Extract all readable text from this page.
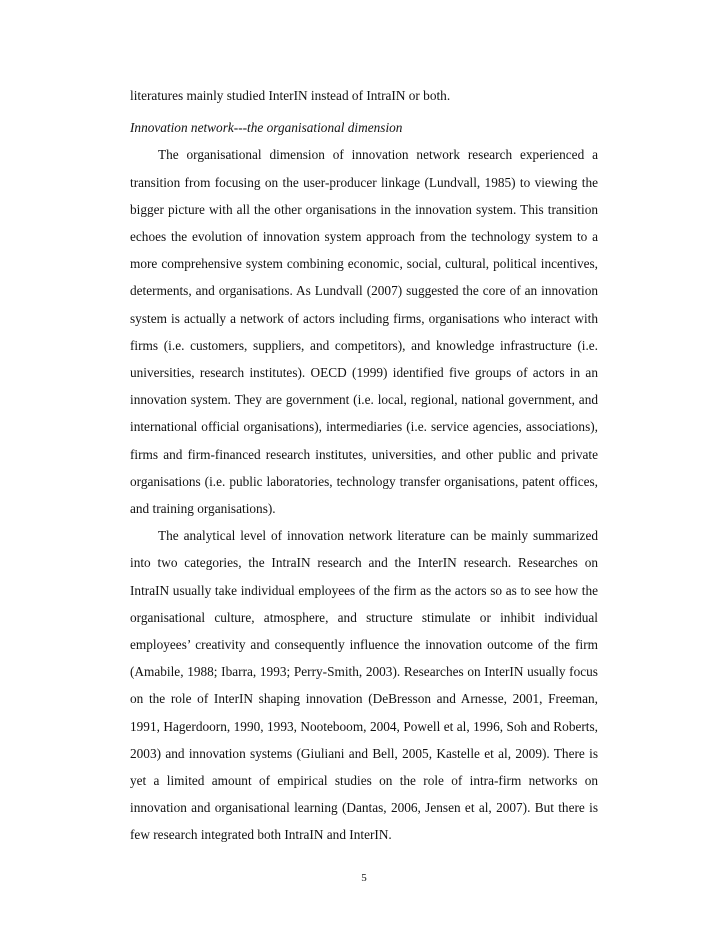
literatures mainly studied InterIN instead of IntraIN or both.

Innovation network---the organisational dimension

The organisational dimension of innovation network research experienced a transition from focusing on the user-producer linkage (Lundvall, 1985) to viewing the bigger picture with all the other organisations in the innovation system. This transition echoes the evolution of innovation system approach from the technology system to a more comprehensive system combining economic, social, cultural, political incentives, determents, and organisations. As Lundvall (2007) suggested the core of an innovation system is actually a network of actors including firms, organisations who interact with firms (i.e. customers, suppliers, and competitors), and knowledge infrastructure (i.e. universities, research institutes). OECD (1999) identified five groups of actors in an innovation system. They are government (i.e. local, regional, national government, and international official organisations), intermediaries (i.e. service agencies, associations), firms and firm-financed research institutes, universities, and other public and private organisations (i.e. public laboratories, technology transfer organisations, patent offices, and training organisations).

The analytical level of innovation network literature can be mainly summarized into two categories, the IntraIN research and the InterIN research. Researches on IntraIN usually take individual employees of the firm as the actors so as to see how the organisational culture, atmosphere, and structure stimulate or inhibit individual employees’ creativity and consequently influence the innovation outcome of the firm (Amabile, 1988; Ibarra, 1993; Perry-Smith, 2003). Researches on InterIN usually focus on the role of InterIN shaping innovation (DeBresson and Arnesse, 2001, Freeman, 1991, Hagerdoorn, 1990, 1993, Nooteboom, 2004, Powell et al, 1996, Soh and Roberts, 2003) and innovation systems (Giuliani and Bell, 2005, Kastelle et al, 2009). There is yet a limited amount of empirical studies on the role of intra-firm networks on innovation and organisational learning (Dantas, 2006, Jensen et al, 2007). But there is few research integrated both IntraIN and InterIN.

5
